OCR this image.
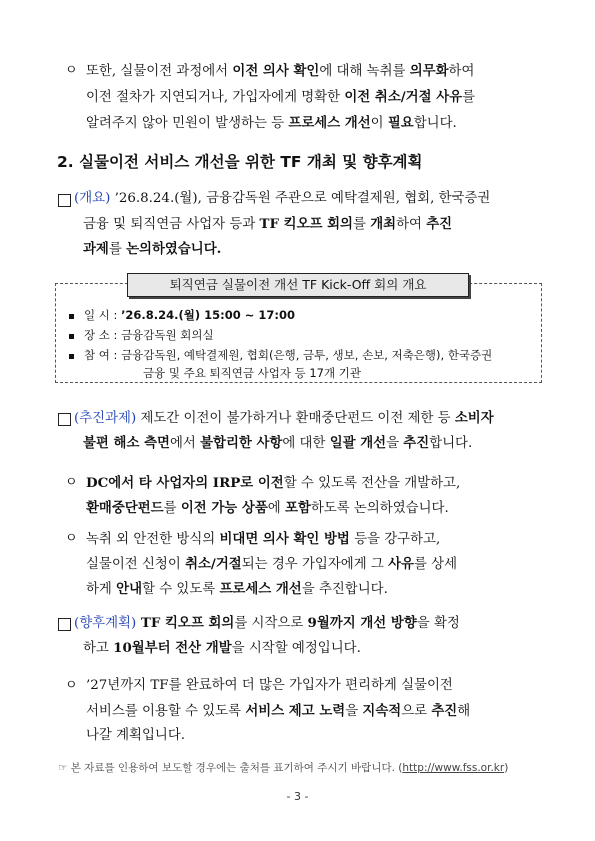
ㅇ 또한, 실물이전 과정에서 이전 의사 확인에 대해 녹취를 의무화하여
이전 절차가 지연되거나, 가입자에게 명확한 이전 취소/거절 사유를
알려주지 않아 민원이 발생하는 등 프로세스 개선이 필요합니다.
2. 실물이전 서비스 개선을 위한 TF 개최 및 향후계획
(개요) ’26.8.24.(월), 금융감독원 주관으로 예탁결제원, 협회, 한국증권
금융 및 퇴직연금 사업자 등과 TF 킥오프 회의를 개최하여 추진
과제를 논의하였습니다.
퇴직연금 실물이전 개선 TF Kick-Off 회의 개요
일 시 : ’26.8.24.(월) 15:00 ~ 17:00
장 소 : 금융감독원 회의실
참 여 : 금융감독원, 예탁결제원, 협회(은행, 금투, 생보, 손보, 저축은행), 한국증권
금융 및 주요 퇴직연금 사업자 등 17개 기관
(추진과제) 제도간 이전이 불가하거나 환매중단펀드 이전 제한 등 소비자
불편 해소 측면에서 불합리한 사항에 대한 일괄 개선을 추진합니다.
ㅇ DC에서 타 사업자의 IRP로 이전할 수 있도록 전산을 개발하고,
환매중단펀드를 이전 가능 상품에 포함하도록 논의하였습니다.
ㅇ 녹취 외 안전한 방식의 비대면 의사 확인 방법 등을 강구하고,
실물이전 신청이 취소/거절되는 경우 가입자에게 그 사유를 상세
하게 안내할 수 있도록 프로세스 개선을 추진합니다.
(향후계획) TF 킥오프 회의를 시작으로 9월까지 개선 방향을 확정
하고 10월부터 전산 개발을 시작할 예정입니다.
ㅇ ’27년까지 TF를 완료하여 더 많은 가입자가 편리하게 실물이전
서비스를 이용할 수 있도록 서비스 제고 노력을 지속적으로 추진해
나갈 계획입니다.
☞ 본 자료를 인용하여 보도할 경우에는 출처를 표기하여 주시기 바랍니다. (http://www.fss.or.kr)
- 3 -
